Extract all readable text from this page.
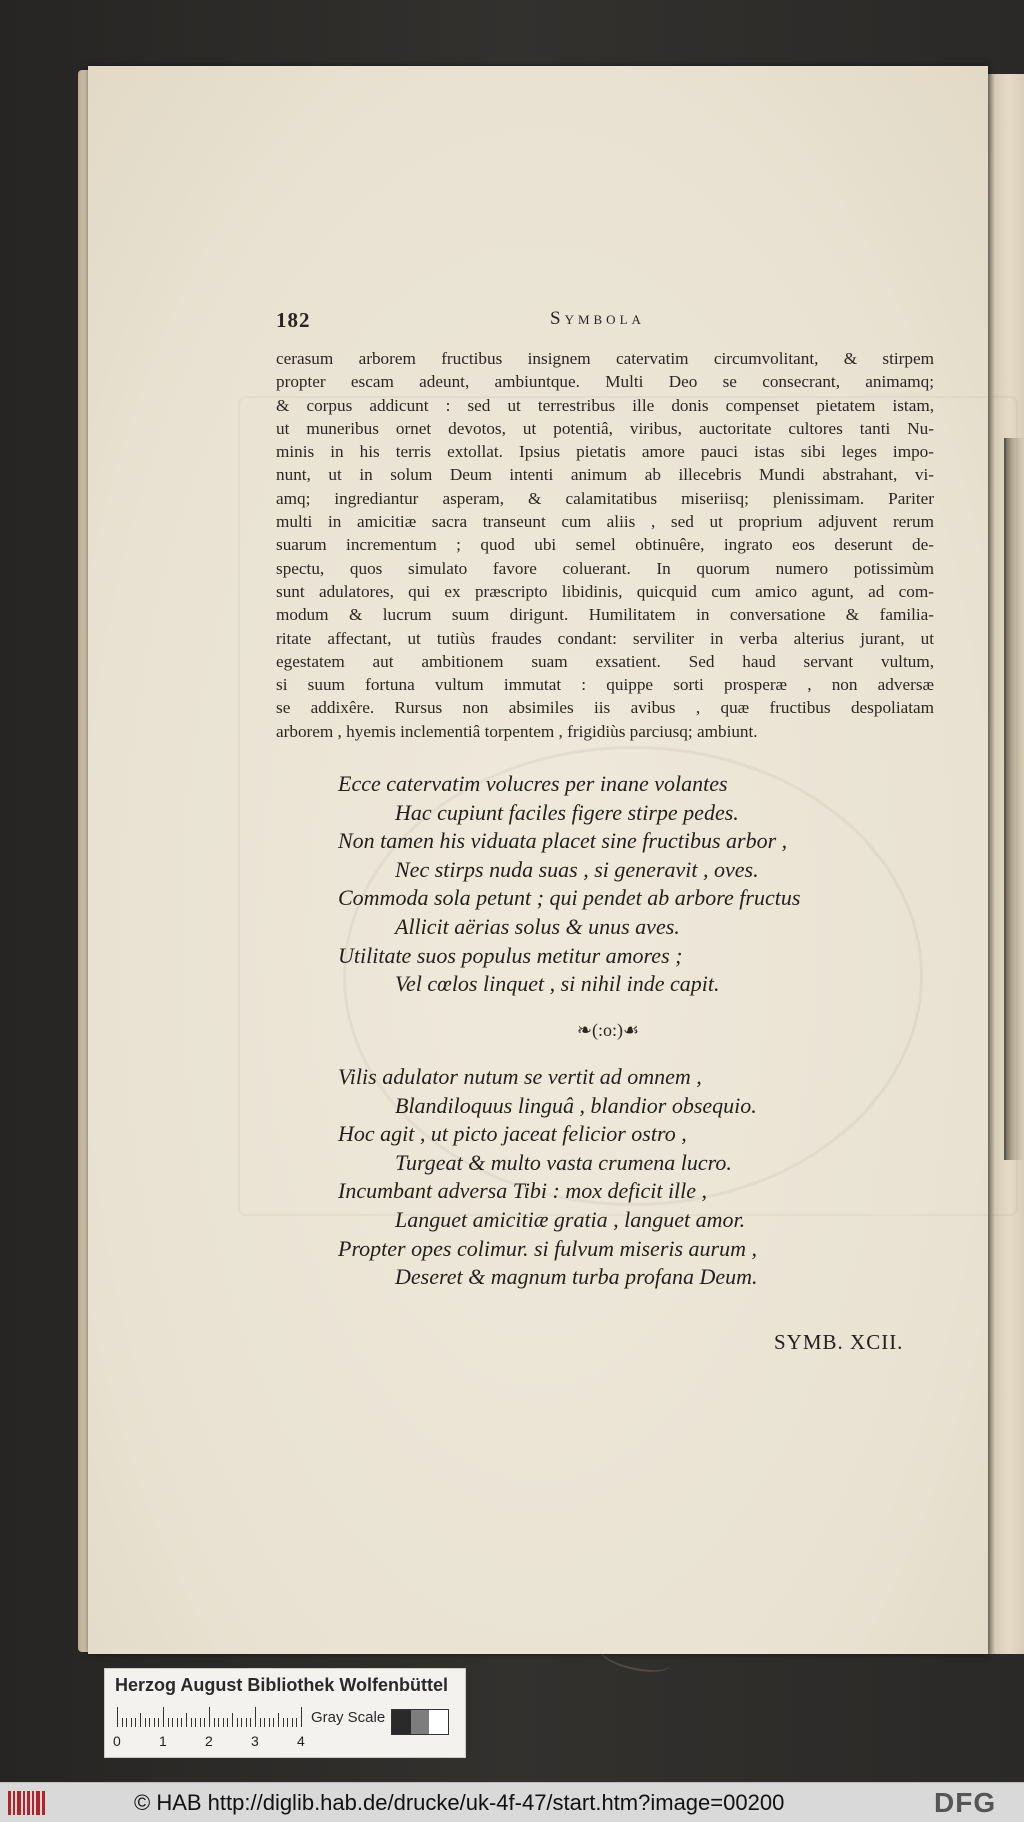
182	Symbola

cerasum arborem fructibus insignem catervatim circumvolitant, & stirpem

propter escam adeunt, ambiuntque. Multi Deo se consecrant, animamq;

& corpus addicunt : sed ut terrestribus ille donis compenset pietatem istam,

ut muneribus ornet devotos, ut potentiâ, viribus, auctoritate cultores tanti Nu-

minis in his terris extollat. Ipsius pietatis amore pauci istas sibi leges impo-

nunt, ut in solum Deum intenti animum ab illecebris Mundi abstrahant, vi-

amq; ingrediantur asperam, & calamitatibus miseriisq; plenissimam. Pariter

multi in amicitiæ sacra transeunt cum aliis , sed ut proprium adjuvent rerum

suarum incrementum ; quod ubi semel obtinuêre, ingrato eos deserunt de-

spectu, quos simulato favore coluerant. In quorum numero potissimùm

sunt adulatores, qui ex præscripto libidinis, quicquid cum amico agunt, ad com-

modum & lucrum suum dirigunt. Humilitatem in conversatione & familia-

ritate affectant, ut tutiùs fraudes condant: serviliter in verba alterius jurant, ut

egestatem aut ambitionem suam exsatient. Sed haud servant vultum,

si suum fortuna vultum immutat : quippe sorti prosperæ , non adversæ

se addixêre. Rursus non absimiles iis avibus , quæ fructibus despoliatam

arborem , hyemis inclementiâ torpentem , frigidiùs parciusq; ambiunt.

Ecce catervatim volucres per inane volantes
Hac cupiunt faciles figere stirpe pedes.
Non tamen his viduata placet sine fructibus arbor ,
Nec stirps nuda suas , si generavit , oves.
Commoda sola petunt ; qui pendet ab arbore fructus
Allicit aërias solus & unus aves.
Utilitate suos populus metitur amores ;
Vel cœlos linquet , si nihil inde capit.
❧(:o:)☙
Vilis adulator nutum se vertit ad omnem ,
Blandiloquus linguâ , blandior obsequio.
Hoc agit , ut picto jaceat felicior ostro ,
Turgeat & multo vasta crumena lucro.
Incumbant adversa Tibi : mox deficit ille ,
Languet amicitiæ gratia , languet amor.
Propter opes colimur. si fulvum miseris aurum ,
Deseret & magnum turba profana Deum.
SYMB. XCII.
Herzog August Bibliothek Wolfenbüttel
0	1	2	3	4
Gray Scale
© HAB http://diglib.hab.de/drucke/uk-4f-47/start.htm?image=00200	DFG
